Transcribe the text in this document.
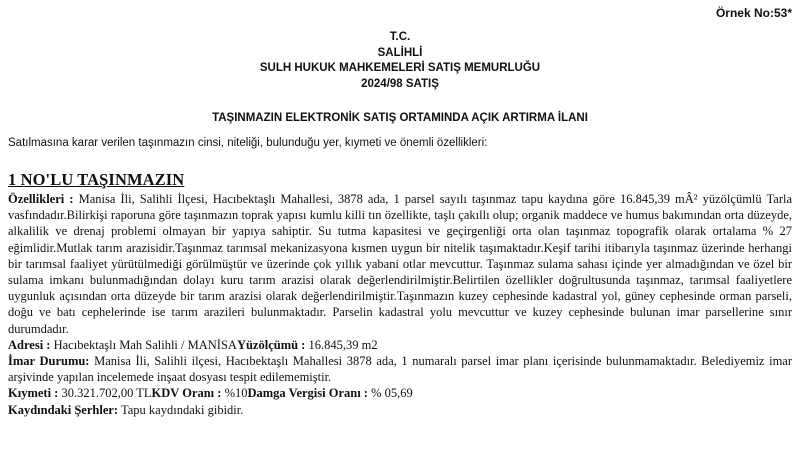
Örnek No:53*
T.C.
SALİHLİ
SULH HUKUK MAHKEMELERİ SATIŞ MEMURLUĞU
2024/98 SATIŞ
TAŞINMAZIN ELEKTRONİK SATIŞ ORTAMINDA AÇIK ARTIRMA İLANI
Satılmasına karar verilen taşınmazın cinsi, niteliği, bulunduğu yer, kıymeti ve önemli özellikleri:
1 NO'LU TAŞINMAZIN

Özellikleri : Manisa İli, Salihli İlçesi, Hacıbektaşlı Mahallesi, 3878 ada, 1 parsel sayılı taşınmaz tapu kaydına göre 16.845,39 mÂ² yüzölçümlü Tarla vasfındadır.Bilirkişi raporuna göre taşınmazın toprak yapısı kumlu killi tın özellikte, taşlı çakıllı olup; organik maddece ve humus bakımından orta düzeyde, alkalilik ve drenaj problemi olmayan bir yapıya sahiptir. Su tutma kapasitesi ve geçirgenliği orta olan taşınmaz topografik olarak ortalama % 27 eğimlidir.Mutlak tarım arazisidir.Taşınmaz tarımsal mekanizasyona kısmen uygun bir nitelik taşımaktadır.Keşif tarihi itibarıyla taşınmaz üzerinde herhangi bir tarımsal faaliyet yürütülmediği görülmüştür ve üzerinde çok yıllık yabani otlar mevcuttur. Taşınmaz sulama sahası içinde yer almadığından ve özel bir sulama imkanı bulunmadığından dolayı kuru tarım arazisi olarak değerlendirilmiştir.Belirtilen özellikler doğrultusunda taşınmaz, tarımsal faaliyetlere uygunluk açısından orta düzeyde bir tarım arazisi olarak değerlendirilmiştir.Taşınmazın kuzey cephesinde kadastral yol, güney cephesinde orman parseli, doğu ve batı cephelerinde ise tarım arazileri bulunmaktadır. Parselin kadastral yolu mevcuttur ve kuzey cephesinde bulunan imar parsellerine sınır durumdadır.

Adresi : Hacıbektaşlı Mah Salihli / MANİSAYüzölçümü : 16.845,39 m2

İmar Durumu: Manisa İli, Salihli ilçesi, Hacıbektaşlı Mahallesi 3878 ada, 1 numaralı parsel imar planı içerisinde bulunmamaktadır. Belediyemiz imar arşivinde yapılan incelemede inşaat dosyası tespit edilememiştir.

Kıymeti : 30.321.702,00 TLKDV Oranı : %10Damga Vergisi Oranı : % 05,69

Kaydındaki Şerhler: Tapu kaydındaki gibidir.
